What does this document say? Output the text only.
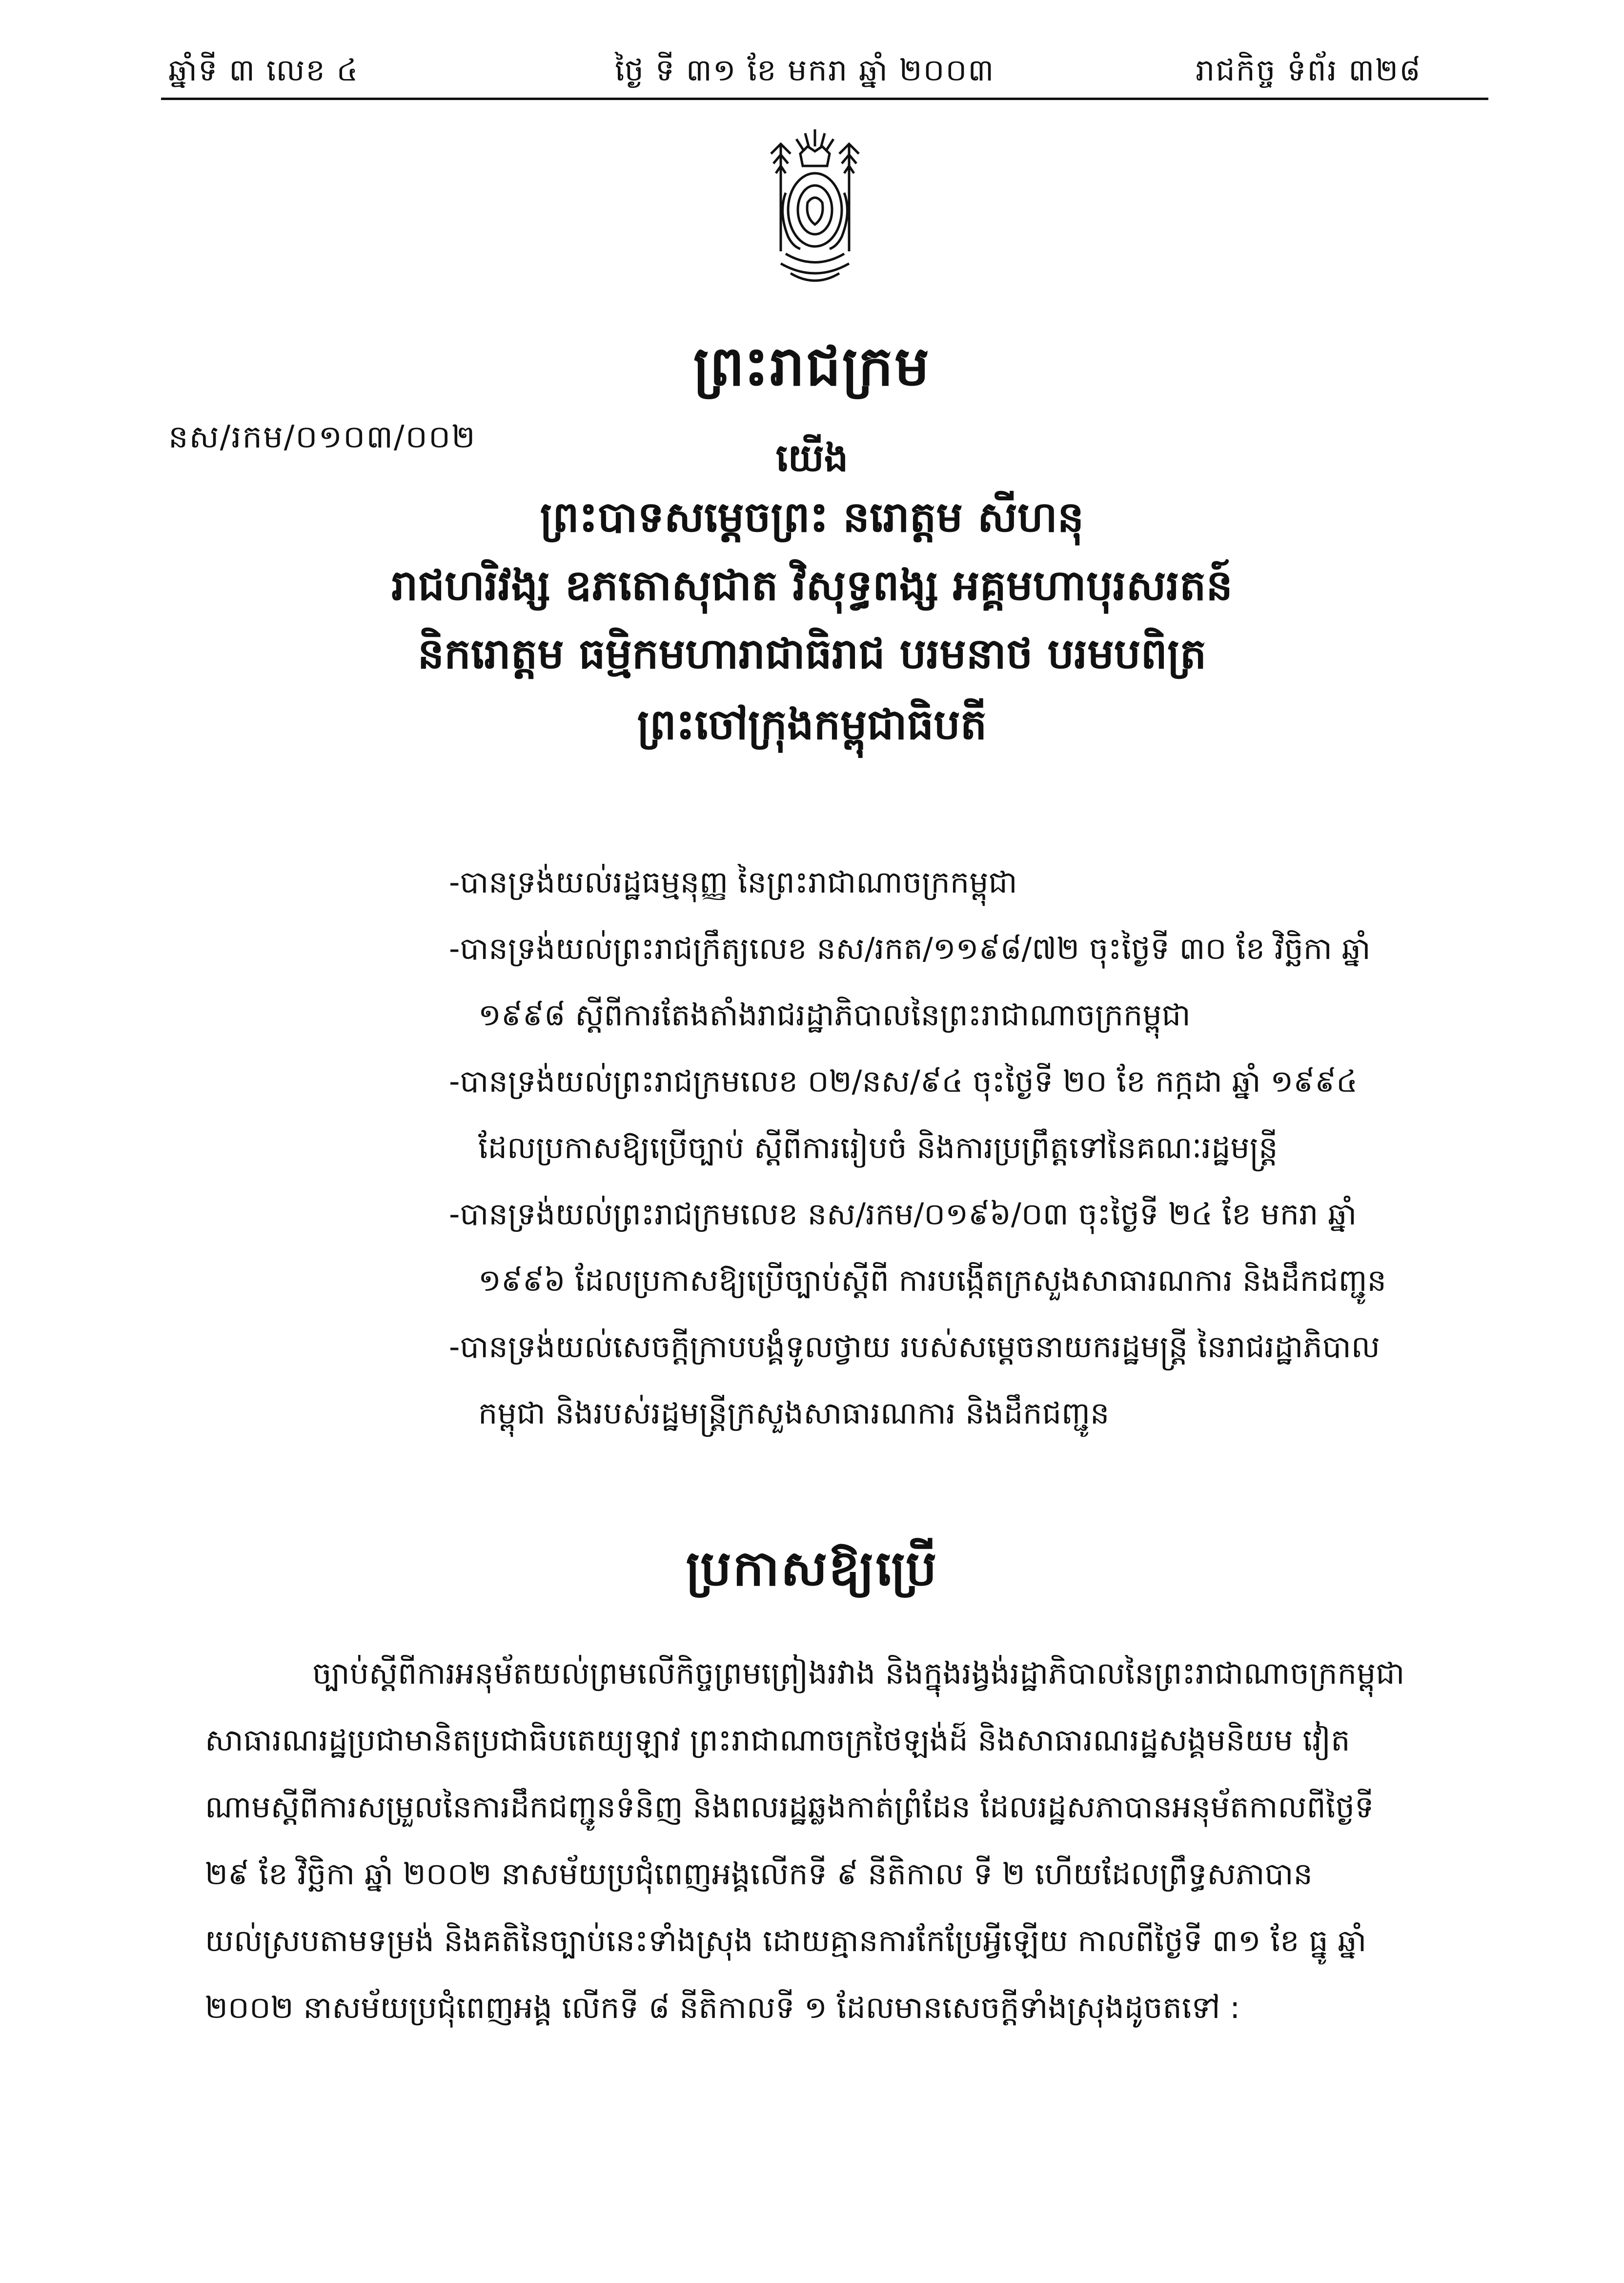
ឆ្នាំទី ៣ លេខ ៤	ថ្ងៃ ទី ៣១ ខែ មករា ឆ្នាំ ២០០៣	រាជកិច្ច ទំព័រ ៣២៨
ព្រះរាជក្រម
នស/រកម/០១០៣/០០២	យើង
ព្រះបាទសម្ដេចព្រះ នរោត្ដម សីហនុ
រាជហរិវង្ស ឧភតោសុជាត វិសុទ្ធពង្ស អគ្គមហាបុរសរតន៍
និករោត្ដម ធម្មិកមហារាជាធិរាជ បរមនាថ បរមបពិត្រ
ព្រះចៅក្រុងកម្ពុជាធិបតី
-បានទ្រង់យល់រដ្ឋធម្មនុញ្ញ នៃព្រះរាជាណាចក្រកម្ពុជា
-បានទ្រង់យល់ព្រះរាជក្រឹត្យលេខ នស/រកត/១១៩៨/៧២ ចុះថ្ងៃទី ៣០ ខែ វិច្ឆិកា ឆ្នាំ
១៩៩៨ ស្ដីពីការតែងតាំងរាជរដ្ឋាភិបាលនៃព្រះរាជាណាចក្រកម្ពុជា
-បានទ្រង់យល់ព្រះរាជក្រមលេខ ០២/នស/៩៤ ចុះថ្ងៃទី ២០ ខែ កក្កដា ឆ្នាំ ១៩៩៤
ដែលប្រកាសឱ្យប្រើច្បាប់ ស្ដីពីការរៀបចំ និងការប្រព្រឹត្តទៅនៃគណៈរដ្ឋមន្ត្រី
-បានទ្រង់យល់ព្រះរាជក្រមលេខ នស/រកម/០១៩៦/០៣ ចុះថ្ងៃទី ២៤ ខែ មករា ឆ្នាំ
១៩៩៦ ដែលប្រកាសឱ្យប្រើច្បាប់ស្ដីពី ការបង្កើតក្រសួងសាធារណការ និងដឹកជញ្ជូន
-បានទ្រង់យល់សេចក្ដីក្រាបបង្គំទូលថ្វាយ របស់សម្ដេចនាយករដ្ឋមន្ត្រី នៃរាជរដ្ឋាភិបាល
កម្ពុជា និងរបស់រដ្ឋមន្ត្រីក្រសួងសាធារណការ និងដឹកជញ្ជូន
ប្រកាសឱ្យប្រើ
ច្បាប់ស្ដីពីការអនុម័តយល់ព្រមលើកិច្ចព្រមព្រៀងរវាង និងក្នុងរង្វង់រដ្ឋាភិបាលនៃព្រះរាជាណាចក្រកម្ពុជា
សាធារណរដ្ឋប្រជាមានិតប្រជាធិបតេយ្យឡាវ ព្រះរាជាណាចក្រថៃឡង់ដ៍ និងសាធារណរដ្ឋសង្គមនិយម វៀត
ណាមស្ដីពីការសម្រួលនៃការដឹកជញ្ជូនទំនិញ និងពលរដ្ឋឆ្លងកាត់ព្រំដែន ដែលរដ្ឋសភាបានអនុម័តកាលពីថ្ងៃទី
២៩ ខែ វិច្ឆិកា ឆ្នាំ ២០០២ នាសម័យប្រជុំពេញអង្គលើកទី ៩ នីតិកាល ទី ២ ហើយដែលព្រឹទ្ធសភាបាន
យល់ស្របតាមទម្រង់ និងគតិនៃច្បាប់នេះទាំងស្រុង ដោយគ្មានការកែប្រែអ្វីឡើយ កាលពីថ្ងៃទី ៣១ ខែ ធ្នូ ឆ្នាំ
២០០២ នាសម័យប្រជុំពេញអង្គ លើកទី ៨ នីតិកាលទី ១ ដែលមានសេចក្ដីទាំងស្រុងដូចតទៅ :
